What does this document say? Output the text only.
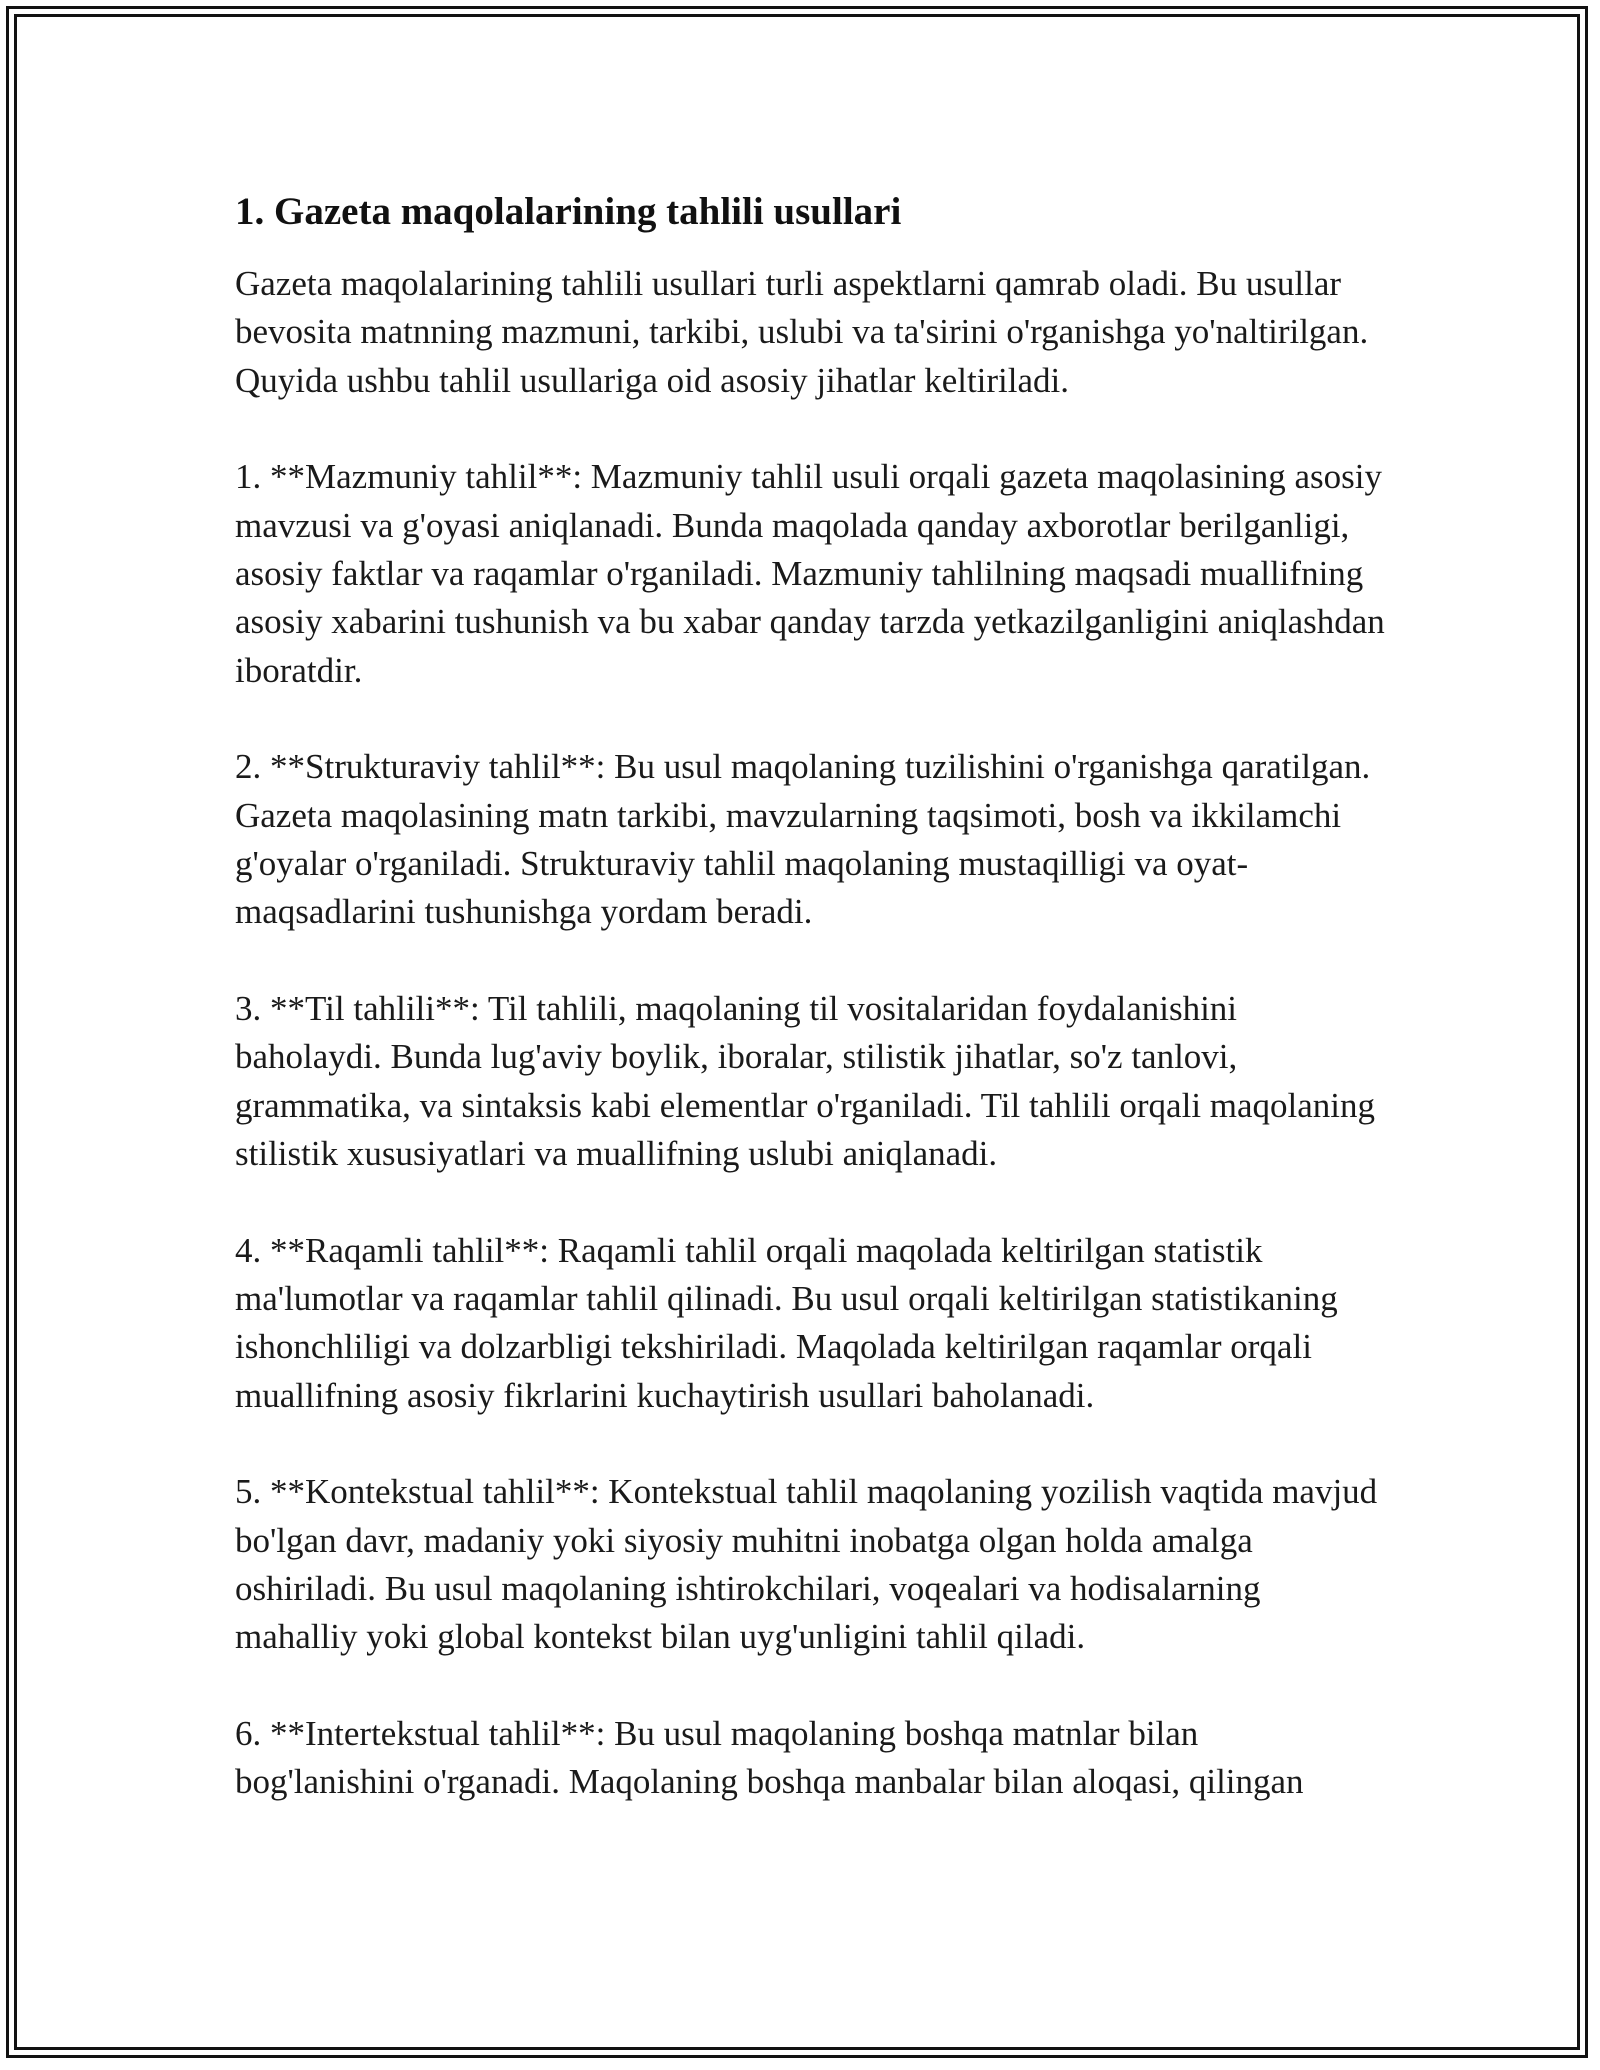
1. Gazeta maqolalarining tahlili usullari

Gazeta maqolalarining tahlili usullari turli aspektlarni qamrab oladi. Bu usullar bevosita matnning mazmuni, tarkibi, uslubi va ta'sirini o'rganishga yo'naltirilgan. Quyida ushbu tahlil usullariga oid asosiy jihatlar keltiriladi.

1. **Mazmuniy tahlil**: Mazmuniy tahlil usuli orqali gazeta maqolasining asosiy mavzusi va g'oyasi aniqlanadi. Bunda maqolada qanday axborotlar berilganligi, asosiy faktlar va raqamlar o'rganiladi. Mazmuniy tahlilning maqsadi muallifning asosiy xabarini tushunish va bu xabar qanday tarzda yetkazilganligini aniqlashdan iboratdir.

2. **Strukturaviy tahlil**: Bu usul maqolaning tuzilishini o'rganishga qaratilgan. Gazeta maqolasining matn tarkibi, mavzularning taqsimoti, bosh va ikkilamchi g'oyalar o'rganiladi. Strukturaviy tahlil maqolaning mustaqilligi va oyat-maqsadlarini tushunishga yordam beradi.

3. **Til tahlili**: Til tahlili, maqolaning til vositalaridan foydalanishini baholaydi. Bunda lug'aviy boylik, iboralar, stilistik jihatlar, so'z tanlovi, grammatika, va sintaksis kabi elementlar o'rganiladi. Til tahlili orqali maqolaning stilistik xususiyatlari va muallifning uslubi aniqlanadi.

4. **Raqamli tahlil**: Raqamli tahlil orqali maqolada keltirilgan statistik ma'lumotlar va raqamlar tahlil qilinadi. Bu usul orqali keltirilgan statistikaning ishonchliligi va dolzarbligi tekshiriladi. Maqolada keltirilgan raqamlar orqali muallifning asosiy fikrlarini kuchaytirish usullari baholanadi.

5. **Kontekstual tahlil**: Kontekstual tahlil maqolaning yozilish vaqtida mavjud bo'lgan davr, madaniy yoki siyosiy muhitni inobatga olgan holda amalga oshiriladi. Bu usul maqolaning ishtirokchilari, voqealari va hodisalarning mahalliy yoki global kontekst bilan uyg'unligini tahlil qiladi.

6. **Intertekstual tahlil**: Bu usul maqolaning boshqa matnlar bilan bog'lanishini o'rganadi. Maqolaning boshqa manbalar bilan aloqasi, qilingan
